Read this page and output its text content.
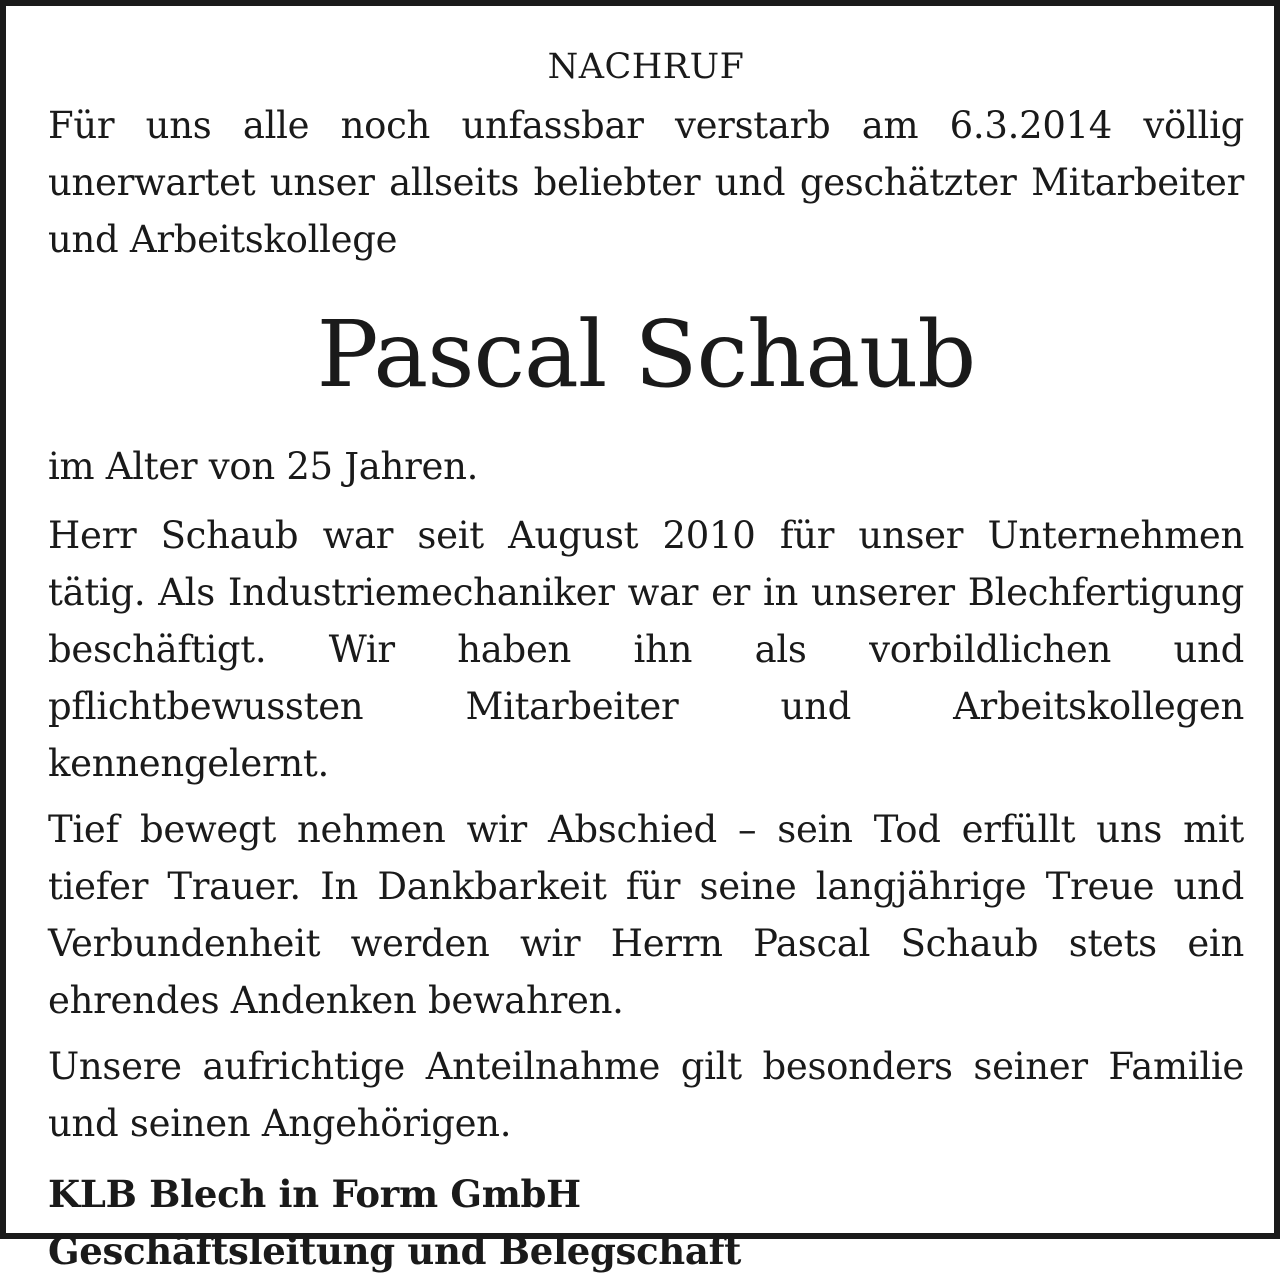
NACHRUF

Für uns alle noch unfassbar verstarb am 6.3.2014 völlig unerwartet unser allseits beliebter und geschätzter Mitarbeiter und Arbeitskollege

Pascal Schaub

im Alter von 25 Jahren.

Herr Schaub war seit August 2010 für unser Unternehmen tätig. Als Industriemechaniker war er in unserer Blechfertigung beschäftigt. Wir haben ihn als vorbildlichen und pflichtbewussten Mitarbeiter und Arbeitskollegen kennengelernt.

Tief bewegt nehmen wir Abschied – sein Tod erfüllt uns mit tiefer Trauer. In Dankbarkeit für seine langjährige Treue und Verbundenheit werden wir Herrn Pascal Schaub stets ein ehrendes Andenken bewahren.

Unsere aufrichtige Anteilnahme gilt besonders seiner Familie und seinen Angehörigen.

KLB Blech in Form GmbH
Geschäftsleitung und Belegschaft
